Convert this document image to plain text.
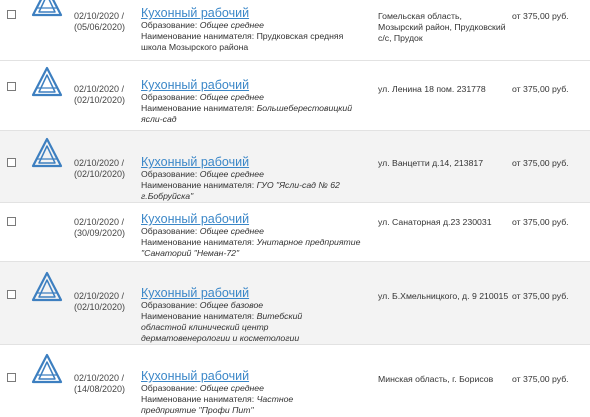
02/10/2020 /
(05/06/2020)
Кухонный рабочий
Образование: Общее среднее
Наименование нанимателя: Прудковская средняя школа Мозырского района
Гомельская область,
Мозырский район, Прудковский
с/с, Прудок
от 375,00 руб.
02/10/2020 /
(02/10/2020)
Кухонный рабочий
Образование: Общее среднее
Наименование нанимателя: Большеберестовицкий ясли-сад
ул. Ленина 18 пом. 231778	от 375,00 руб.
02/10/2020 /
(02/10/2020)
Кухонный рабочий
Образование: Общее среднее
Наименование нанимателя: ГУО "Ясли-сад № 62 г.Бобруйска"
ул. Ванцетти д.14, 213817	от 375,00 руб.
02/10/2020 /
(30/09/2020)
Кухонный рабочий
Образование: Общее среднее
Наименование нанимателя: Унитарное предприятие "Санаторий "Неман-72"
ул. Санаторная д.23 230031	от 375,00 руб.
02/10/2020 /
(02/10/2020)
Кухонный рабочий
Образование: Общее базовое
Наименование нанимателя: Витебский областной клинический центр дерматовенерологии и косметологии
ул. Б.Хмельницкого, д. 9 210015 от 375,00 руб.
02/10/2020 /
(14/08/2020)
Кухонный рабочий
Образование: Общее среднее
Наименование нанимателя: Частное предприятие "Профи Пит"
Минская область, г. Борисов	от 375,00 руб.
